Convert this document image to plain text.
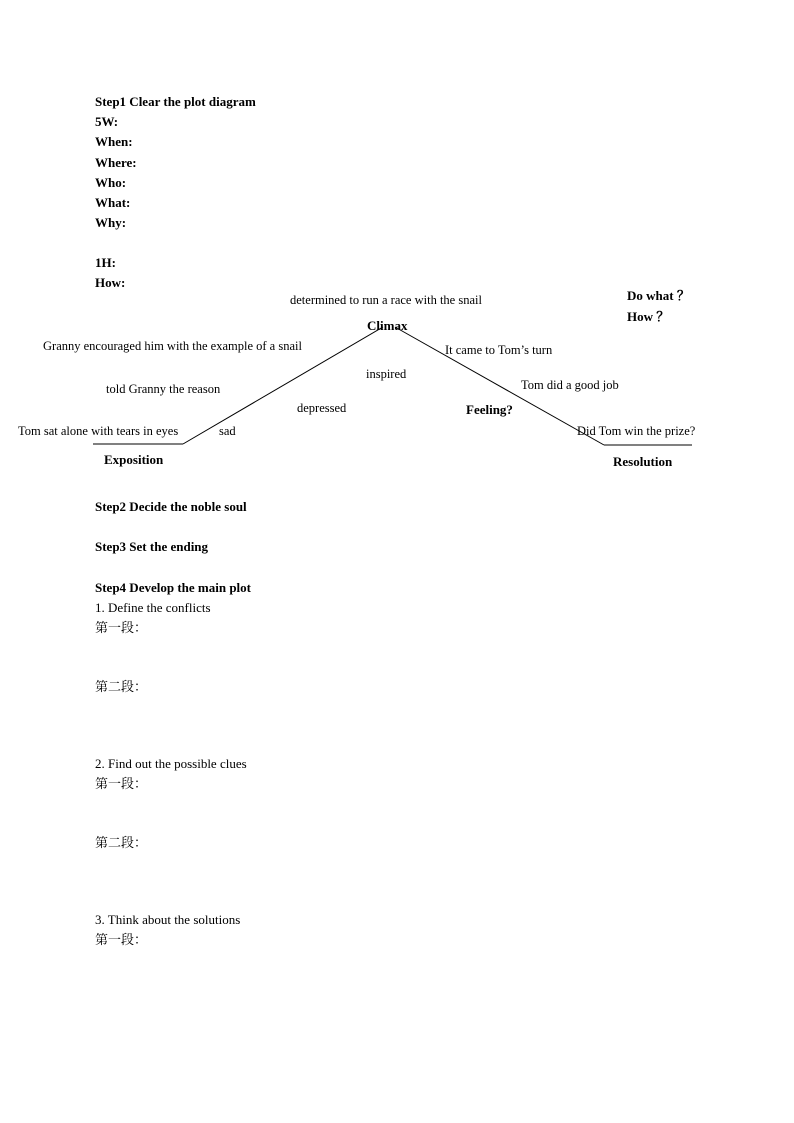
Step1 Clear the plot diagram
5W:
When:
Where:
Who:
What:
Why:
1H:
How:
determined to run a race with the snail
Climax
Granny encouraged him with the example of a snail	It came to Tom’s turn
inspired
Tom did a good job
told Granny the reason
depressed	Feeling?
Tom sat alone with tears in eyes	sad	Did Tom win the prize?
Exposition	Resolution
Do what ？
How ？
Step2 Decide the noble soul
Step3 Set the ending
Step4 Develop the main plot
1. Define the conflicts
第一段：
第二段：
2. Find out the possible clues
第一段：
第二段：
3. Think about the solutions
第一段：
